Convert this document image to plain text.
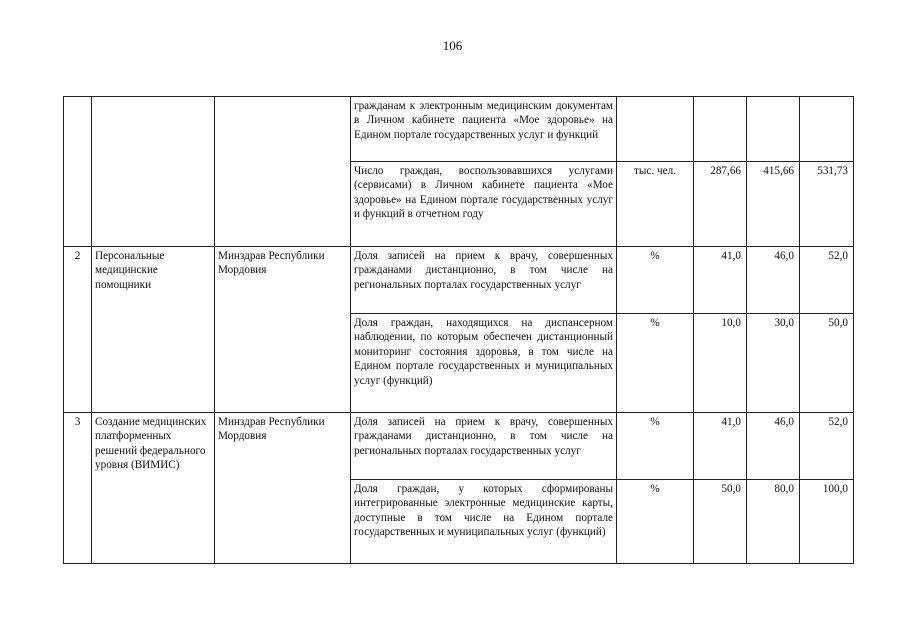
106
			гражданам к электронным медицинским документам в Личном кабинете пациента «Мое здоровье» на Едином портале государственных услуг и функций				
			Число граждан, воспользовавшихся услугами (сервисами) в Личном кабинете пациента «Мое здоровье» на Едином портале государственных услуг и функций в отчетном году	тыс. чел.	287,66	415,66	531,73
2	Персональные медицинские помощники	Минздрав Республики Мордовия	Доля записей на прием к врачу, совершенных гражданами дистанционно, в том числе на региональных порталах государственных услуг	%	41,0	46,0	52,0
			Доля граждан, находящихся на диспансерном наблюдении, по которым обеспечен дистанционный мониторинг состояния здоровья, в том числе на Едином портале государственных и муниципальных услуг (функций)	%	10,0	30,0	50,0
3	Создание медицинских платформенных решений федерального уровня (ВИМИС)	Минздрав Республики Мордовия	Доля записей на прием к врачу, совершенных гражданами дистанционно, в том числе на региональных порталах государственных услуг	%	41,0	46,0	52,0
			Доля граждан, у которых сформированы интегрированные электронные медицинские карты, доступные в том числе на Едином портале государственных и муниципальных услуг (функций)	%	50,0	80,0	100,0
